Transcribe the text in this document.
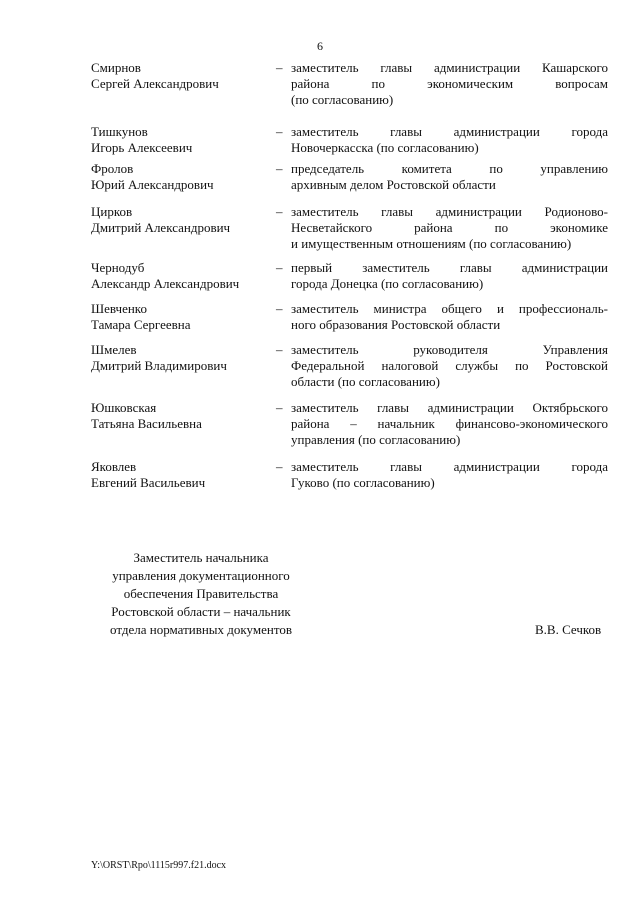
6
Смирнов
Сергей Александрович
– заместитель главы администрации Кашарского
района по экономическим вопросам
(по согласованию)
Тишкунов
Игорь Алексеевич
– заместитель главы администрации города
Новочеркасска (по согласованию)
Фролов
Юрий Александрович
– председатель комитета по управлению
архивным делом Ростовской области
Цирков
Дмитрий Александрович
– заместитель главы администрации Родионово-
Несветайского района по экономике
и имущественным отношениям (по согласованию)
Чернодуб
Александр Александрович
– первый заместитель главы администрации
города Донецка (по согласованию)
Шевченко
Тамара Сергеевна
– заместитель министра общего и профессиональ-
ного образования Ростовской области
Шмелев
Дмитрий Владимирович
– заместитель руководителя Управления
Федеральной налоговой службы по Ростовской
области (по согласованию)
Юшковская
Татьяна Васильевна
– заместитель главы администрации Октябрьского
района – начальник финансово-экономического
управления (по согласованию)
Яковлев
Евгений Васильевич
– заместитель главы администрации города
Гуково (по согласованию)
Заместитель начальника
управления документационного
обеспечения Правительства
Ростовской области – начальник
отдела нормативных документов	В.В. Сечков
Y:\ORST\Rpo\1115r997.f21.docx
